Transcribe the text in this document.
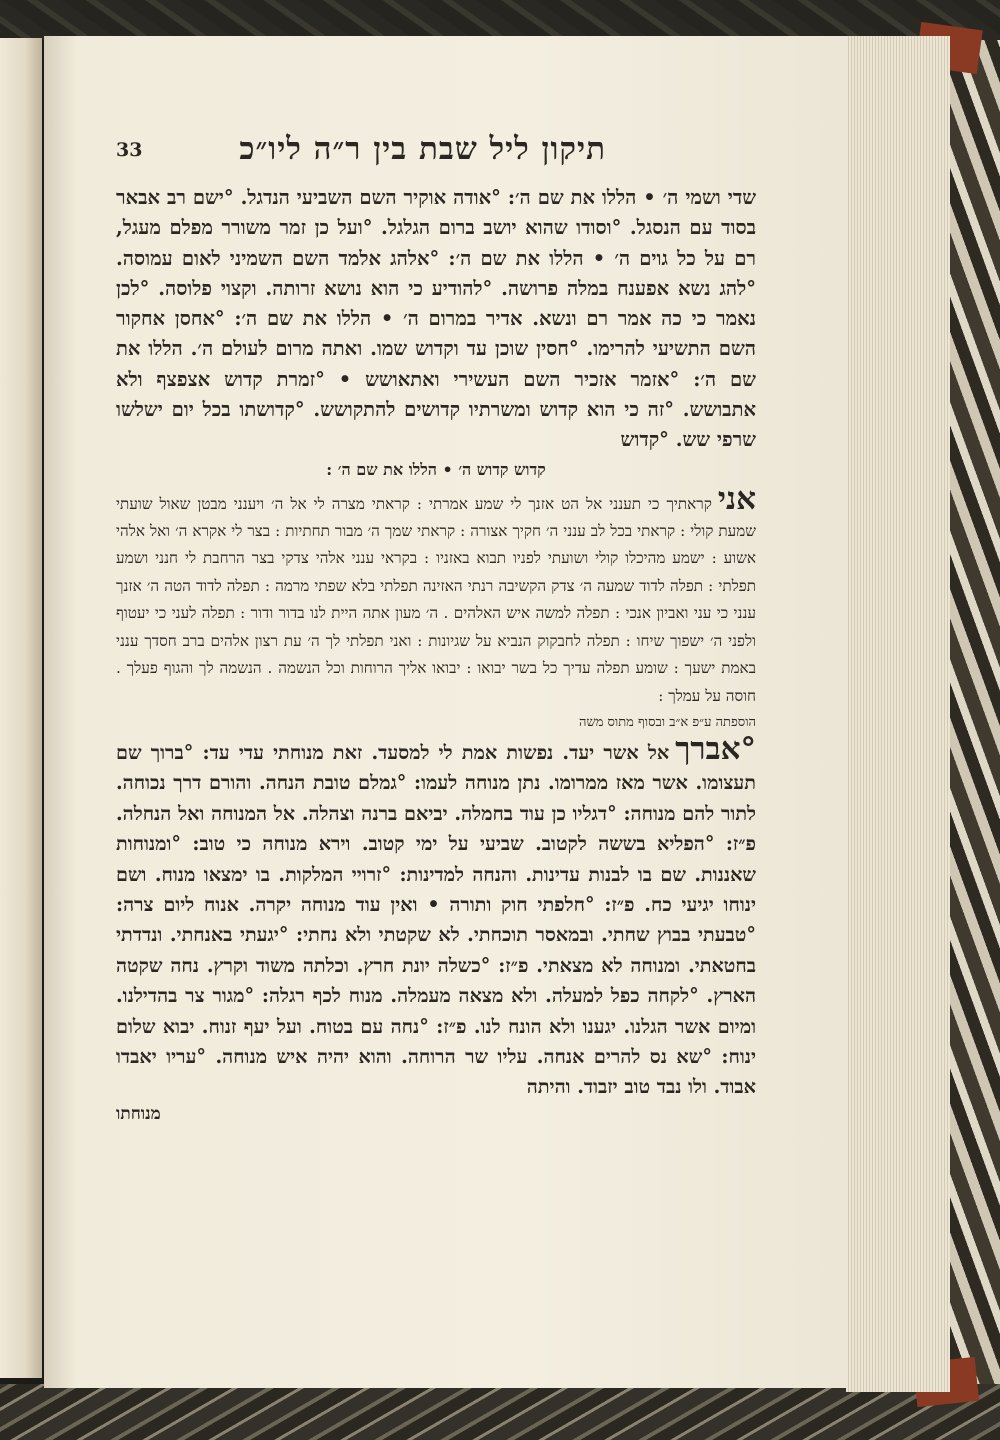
תיקון ליל שבת בין ר״ה ליו״כ
33

שדי ושמי ה׳ • הללו את שם ה׳: °אודה אוקיר השם השביעי הנדגל. °ישם רב אבאר בסוד עם הנסגל. °וסודו שהוא יושב ברום הגלגל. °ועל כן זמר משורר מפלם מעגל, רם על כל גוים ה׳ • הללו את שם ה׳: °אלהג אלמד השם השמיני לאום עמוסה. °להג נשא אפענח במלה פרושה. °להודיע כי הוא נושא זרותה. וקצוי פלוסה. °לכן נאמר כי כה אמר רם ונשא. אדיר במרום ה׳ • הללו את שם ה׳: °אחסן אחקור השם התשיעי להרימו. °חסין שוכן עד וקדוש שמו. ואתה מרום לעולם ה׳. הללו את שם ה׳: °אזמר אזכיר השם העשירי ואתאושש • °זמרת קדוש אצפצף ולא אתבושש. °זה כי הוא קדוש ומשרתיו קדושים להתקושש. °קדושתו בכל יום ישלשו שרפי שש. °קדוש

קדוש קדוש ה׳ • הללו את שם ה׳ :

אניקראתיך כי תענני אל הט אזנך לי שמע אמרתי : קראתי מצרה לי אל ה׳ ויענני מבטן שאול שועתי שמעת קולי : קראתי בכל לב ענני ה׳ חקיך אצורה : קראתי שמך ה׳ מבור תחתיות : בצר לי אקרא ה׳ ואל אלהי אשוע : ישמע מהיכלו קולי ושועתי לפניו תבוא באזניו : בקראי ענני אלהי צדקי בצר הרחבת לי חנני ושמע תפלתי : תפלה לדוד שמעה ה׳ צדק הקשיבה רנתי האזינה תפלתי בלא שפתי מרמה : תפלה לדוד הטה ה׳ אזנך ענני כי עני ואביון אנכי : תפלה למשה איש האלהים . ה׳ מעון אתה היית לנו בדור ודור : תפלה לעני כי יעטוף ולפני ה׳ ישפוך שיחו : תפלה לחבקוק הנביא על שגיונות : ואני תפלתי לך ה׳ עת רצון אלהים ברב חסדך ענני באמת ישעך : שומע תפלה עדיך כל בשר יבואו : יבואו אליך הרוחות וכל הנשמה . הנשמה לך והגוף פעלך . חוסה על עמלך :

הוספתה ע״פ א״ב ובסוף מתוס משה

°אברךאל אשר יעד. נפשות אמת לי למסעד. זאת מנוחתי עדי עד: °ברוך שם תעצומו. אשר מאז ממרומו. נתן מנוחה לעמו: °גמלם טובת הנחה. והורם דרך נכוחה. לתור להם מנוחה: °דגליו כן עוד בחמלה. יביאם ברנה וצהלה. אל המנוחה ואל הנחלה. פ״ז: °הפליא בששה לקטוב. שביעי על ימי קטוב. וירא מנוחה כי טוב: °ומנוחות שאננות. שם בו לבנות עדינות. והנחה למדינות: °זרויי המלקות. בו ימצאו מנוח. ושם ינוחו יגיעי כח. פ״ז: °חלפתי חוק ותורה • ואין עוד מנוחה יקרה. אנוח ליום צרה: °טבעתי בבוץ שחתי. ובמאסר תוכחתי. לא שקטתי ולא נחתי: °יגעתי באנחתי. ונדדתי בחטאתי. ומנוחה לא מצאתי. פ״ז: °כשלה יונת חרץ. וכלתה משוד וקרץ. נחה שקטה הארץ. °לקחה כפל למעלה. ולא מצאה מעמלה. מנוח לכף רגלה: °מגור צר בהדילנו. ומיום אשר הגלנו. יגענו ולא הונח לנו. פ״ז: °נחה עם בטוח. ועל יעף זנוח. יבוא שלום ינוח: °שא נס להרים אנחה. עליו שר הרוחה. והוא יהיה איש מנוחה. °עריו יאבדו אבוד. ולו נבד טוב יזבוד. והיתה

מנוחתו
